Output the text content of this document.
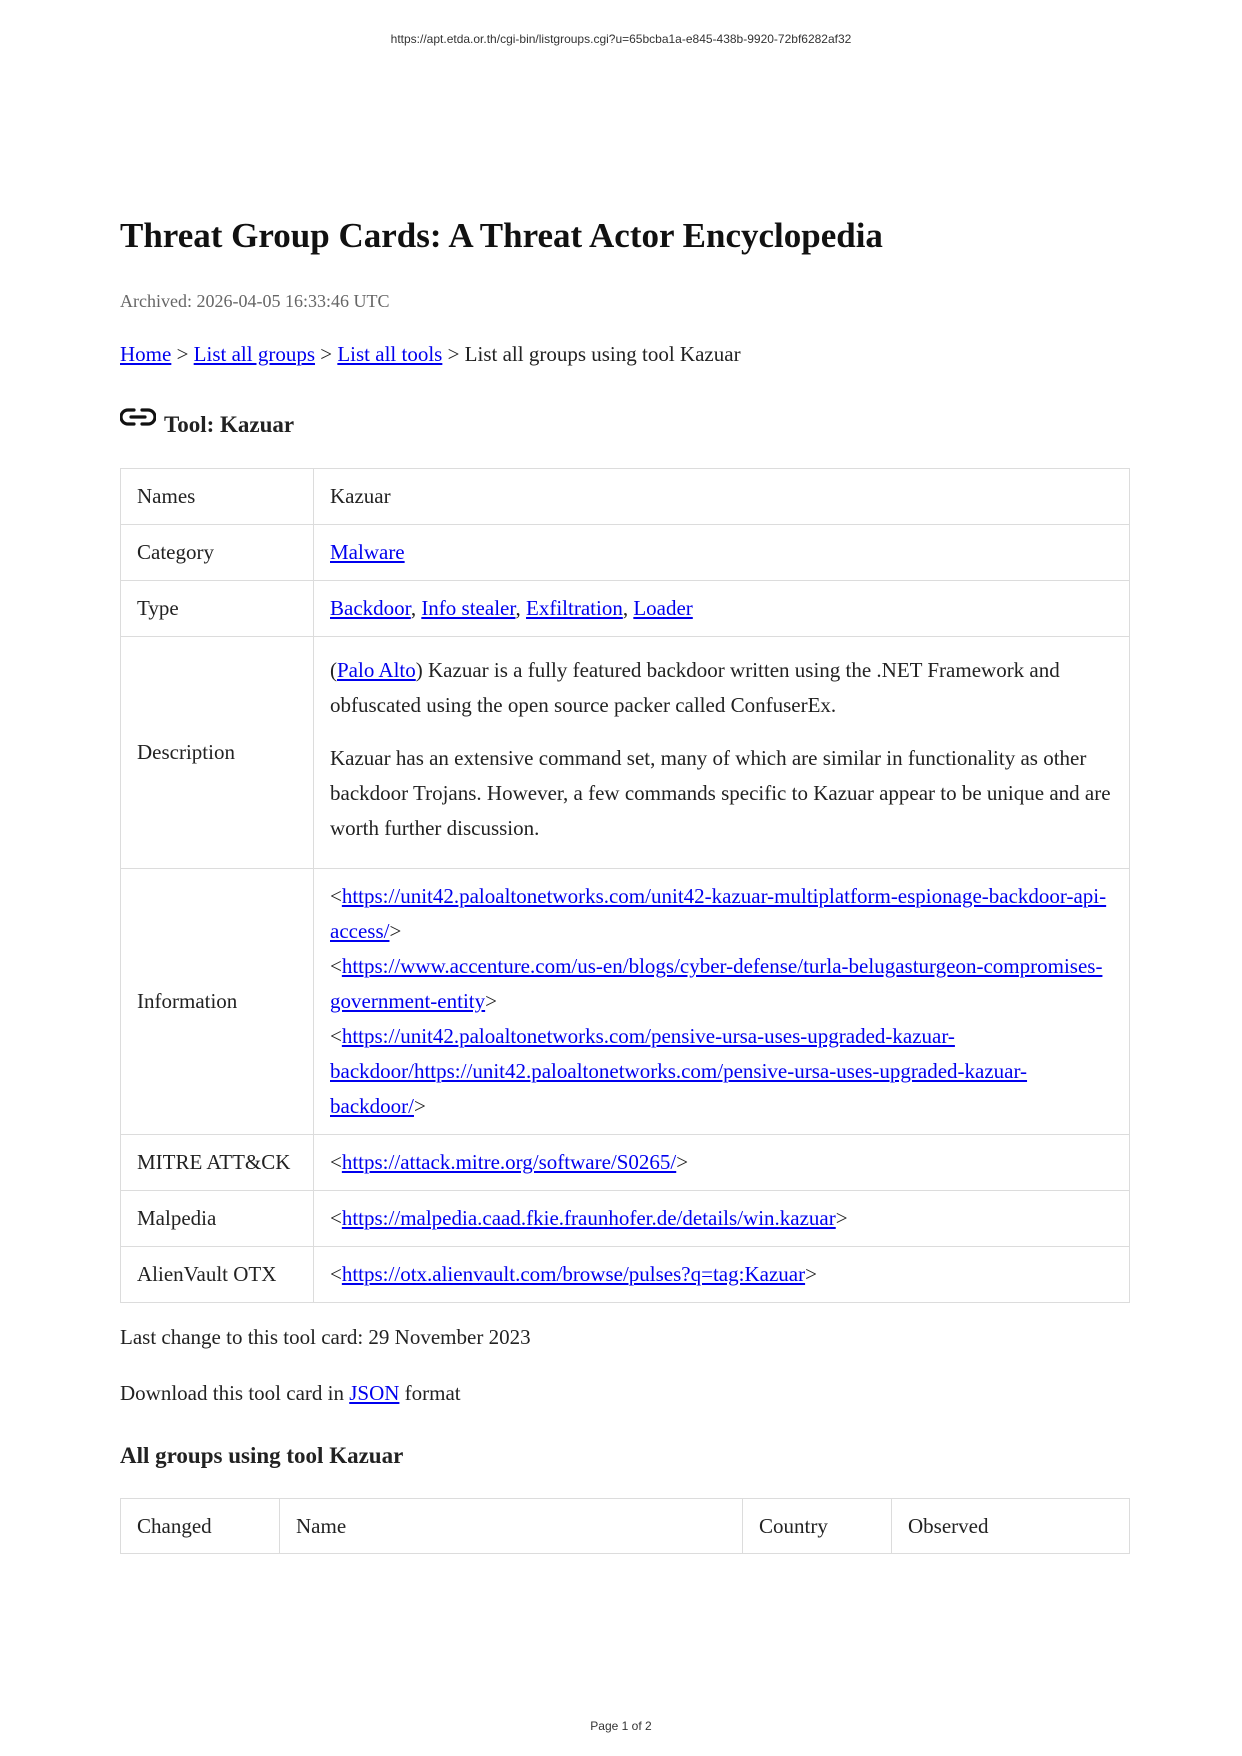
https://apt.etda.or.th/cgi-bin/listgroups.cgi?u=65bcba1a-e845-438b-9920-72bf6282af32
Threat Group Cards: A Threat Actor Encyclopedia
Archived: 2026-04-05 16:33:46 UTC
Home > List all groups > List all tools > List all groups using tool Kazuar
Tool: Kazuar
Names	Kazuar
Category	Malware
Type	Backdoor, Info stealer, Exfiltration, Loader
Description	(Palo Alto) Kazuar is a fully featured backdoor written using the .NET Framework and obfuscated using the open source packer called ConfuserEx.

Kazuar has an extensive command set, many of which are similar in functionality as other backdoor Trojans. However, a few commands specific to Kazuar appear to be unique and are worth further discussion.

Information	<https://unit42.paloaltonetworks.com/unit42-kazuar-multiplatform-espionage-backdoor-api-access/>
<https://www.accenture.com/us-en/blogs/cyber-defense/turla-belugasturgeon-compromises-government-entity>
<https://unit42.paloaltonetworks.com/pensive-ursa-uses-upgraded-kazuar-backdoor/https://unit42.paloaltonetworks.com/pensive-ursa-uses-upgraded-kazuar-backdoor/>

MITRE ATT&CK	<https://attack.mitre.org/software/S0265/>
Malpedia	<https://malpedia.caad.fkie.fraunhofer.de/details/win.kazuar>
AlienVault OTX	<https://otx.alienvault.com/browse/pulses?q=tag:Kazuar>
Last change to this tool card: 29 November 2023
Download this tool card in JSON format
All groups using tool Kazuar
Changed	Name	Country	Observed
Page 1 of 2
